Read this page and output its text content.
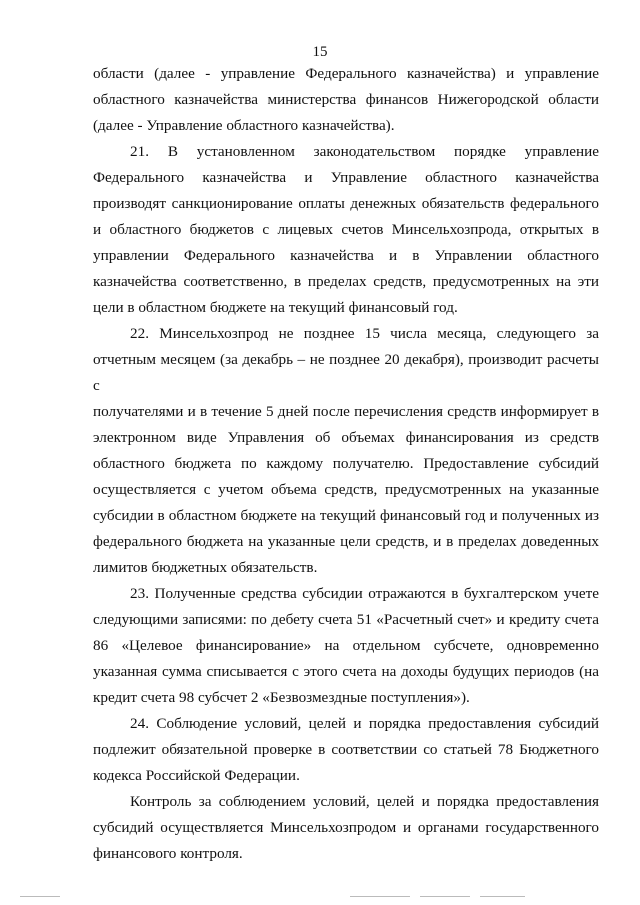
15

области (далее - управление Федерального казначейства) и управление
областного казначейства министерства финансов Нижегородской области
(далее - Управление областного казначейства).

21. В установленном законодательством порядке управление
Федерального казначейства и Управление областного казначейства
производят санкционирование оплаты денежных обязательств федерального
и областного бюджетов с лицевых счетов Минсельхозпрода, открытых в
управлении Федерального казначейства и в Управлении областного
казначейства соответственно, в пределах средств, предусмотренных на эти
цели в областном бюджете на текущий финансовый год.

22. Минсельхозпрод не позднее 15 числа месяца, следующего за
отчетным месяцем (за декабрь – не позднее 20 декабря), производит расчеты с
получателями и в течение 5 дней после перечисления средств информирует в
электронном виде Управления об объемах финансирования из средств
областного бюджета по каждому получателю. Предоставление субсидий
осуществляется с учетом объема средств, предусмотренных на указанные
субсидии в областном бюджете на текущий финансовый год и полученных из
федерального бюджета на указанные цели средств, и в пределах доведенных
лимитов бюджетных обязательств.

23. Полученные средства субсидии отражаются в бухгалтерском учете
следующими записями: по дебету счета 51 «Расчетный счет» и кредиту счета
86 «Целевое финансирование» на отдельном субсчете, одновременно
указанная сумма списывается с этого счета на доходы будущих периодов (на
кредит счета 98 субсчет 2 «Безвозмездные поступления»).

24. Соблюдение условий, целей и порядка предоставления субсидий
подлежит обязательной проверке в соответствии со статьей 78 Бюджетного
кодекса Российской Федерации.

Контроль за соблюдением условий, целей и порядка предоставления
субсидий осуществляется Минсельхозпродом и органами государственного
финансового контроля.
